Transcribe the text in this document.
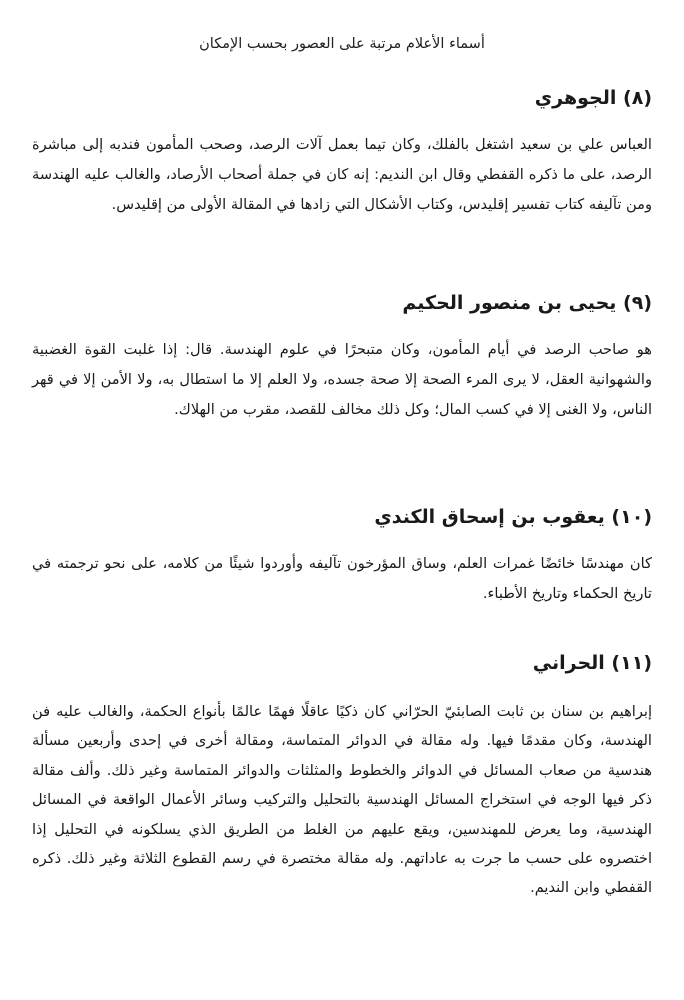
أسماء الأعلام مرتبة على العصور بحسب الإمكان
(٨) الجوهري

العباس علي بن سعيد اشتغل بالفلك، وكان تيما بعمل آلات الرصد، وصحب المأمون فندبه إلى مباشرة الرصد، على ما ذكره القفطي وقال ابن النديم: إنه كان في جملة أصحاب الأرصاد، والغالب عليه الهندسة ومن تآليفه كتاب تفسير إقليدس، وكتاب الأشكال التي زادها في المقالة الأولى من إقليدس.

(٩) يحيى بن منصور الحكيم

هو صاحب الرصد في أيام المأمون، وكان متبحرًا في علوم الهندسة. قال: إذا غلبت القوة الغضبية والشهوانية العقل، لا يرى المرء الصحة إلا صحة جسده، ولا العلم إلا ما استطال به، ولا الأمن إلا في قهر الناس، ولا الغنى إلا في كسب المال؛ وكل ذلك مخالف للقصد، مقرب من الهلاك.

(١٠) يعقوب بن إسحاق الكندي

كان مهندسًا خائضًا غمرات العلم، وساق المؤرخون تآليفه وأوردوا شيئًا من كلامه، على نحو ترجمته في تاريخ الحكماء وتاريخ الأطباء.

(١١) الحراني

إبراهيم بن سنان بن ثابت الصابئيّ الحرّاني كان ذكيًا عاقلًا فهمًا عالمًا بأنواع الحكمة، والغالب عليه فن الهندسة، وكان مقدمًا فيها. وله مقالة في الدوائر المتماسة، ومقالة أخرى في إحدى وأربعين مسألة هندسية من صعاب المسائل في الدوائر والخطوط والمثلثات والدوائر المتماسة وغير ذلك. وألف مقالة ذكر فيها الوجه في استخراج المسائل الهندسية بالتحليل والتركيب وسائر الأعمال الواقعة في المسائل الهندسية، وما يعرض للمهندسين، ويقع عليهم من الغلط من الطريق الذي يسلكونه في التحليل إذا اختصروه على حسب ما جرت به عاداتهم. وله مقالة مختصرة في رسم القطوع الثلاثة وغير ذلك. ذكره القفطي وابن النديم.
